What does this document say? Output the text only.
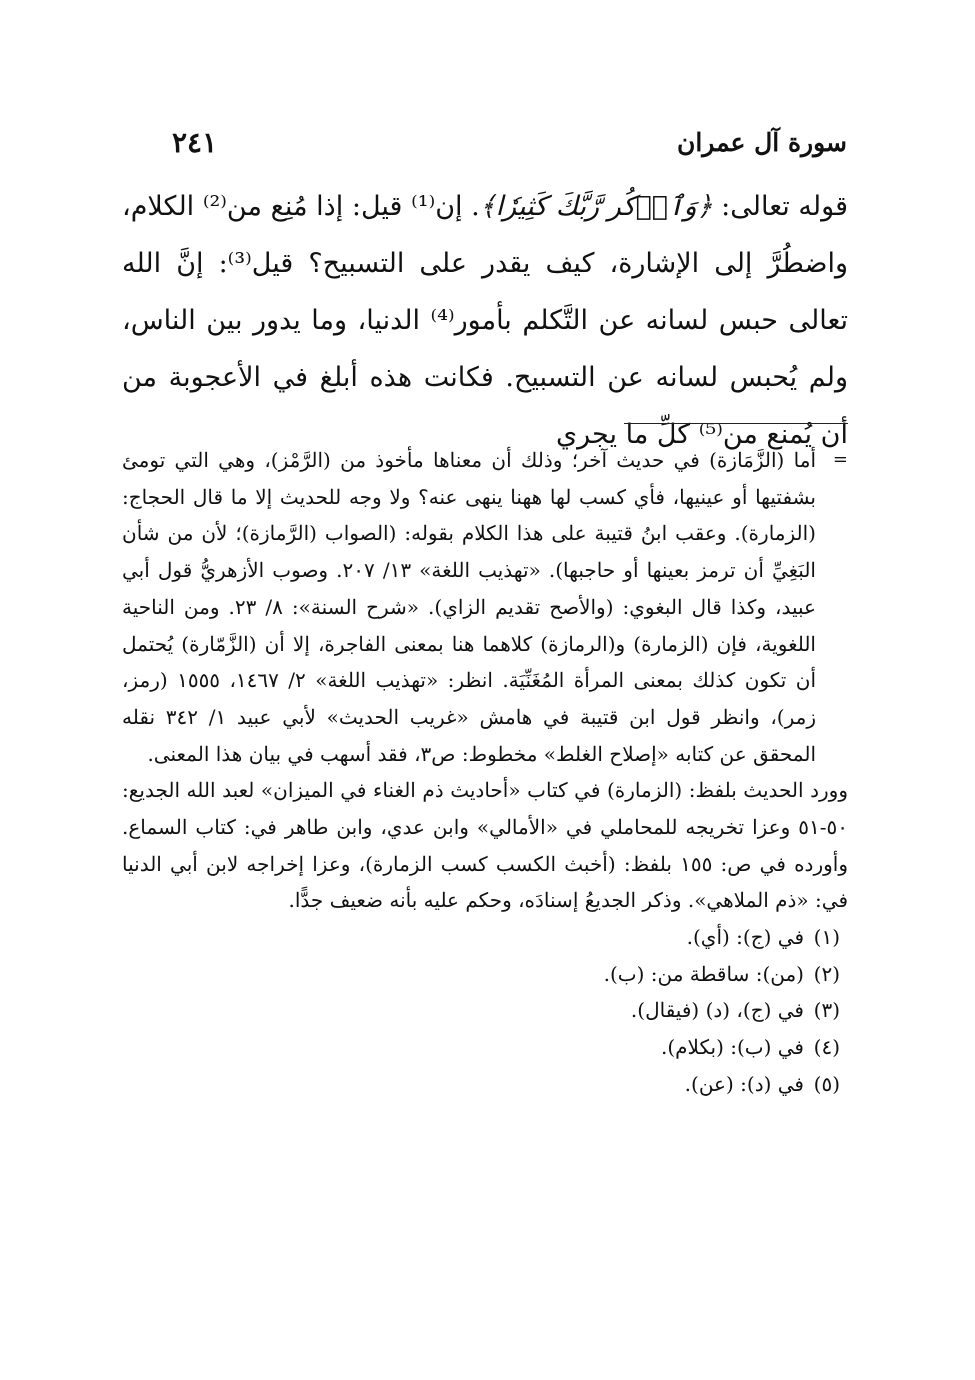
٢٤١	سورة آل عمران

قوله تعالى: ﴿وَٱذۡكُر رَّبَّكَ كَثِيرٗا﴾. إن⁽¹⁾ قيل: إذا مُنِع من⁽²⁾ الكلام، واضطُرَّ إلى الإشارة، كيف يقدر على التسبيح؟ قيل⁽³⁾: إنَّ الله تعالى حبس لسانه عن التَّكلم بأمور⁽⁴⁾ الدنيا، وما يدور بين الناس، ولم يُحبس لسانه عن التسبيح. فكانت هذه أبلغ في الأعجوبة من أن يُمنع من⁽⁵⁾ كلِّ ما يجري

=
أما (الزَّمَازة) في حديث آخر؛ وذلك أن معناها مأخوذ من (الرَّمْز)، وهي التي تومئ بشفتيها أو عينيها، فأي كسب لها ههنا ينهى عنه؟ ولا وجه للحديث إلا ما قال الحجاج: (الزمارة). وعقب ابنُ قتيبة على هذا الكلام بقوله: (الصواب (الرَّمازة)؛ لأن من شأن البَغِيِّ أن ترمز بعينها أو حاجبها). «تهذيب اللغة» ١٣/ ٢٠٧. وصوب الأزهريُّ قول أبي عبيد، وكذا قال البغوي: (والأصح تقديم الزاي). «شرح السنة»: ٨/ ٢٣. ومن الناحية اللغوية، فإن (الزمارة) و(الرمازة) كلاهما هنا بمعنى الفاجرة، إلا أن (الزَّمّارة) يُحتمل أن تكون كذلك بمعنى المرأة المُغَنِّيَة. انظر: «تهذيب اللغة» ٢/ ١٤٦٧، ١٥٥٥ (رمز، زمر)، وانظر قول ابن قتيبة في هامش «غريب الحديث» لأبي عبيد ١/ ٣٤٢ نقله المحقق عن كتابه «إصلاح الغلط» مخطوط: ص٣، فقد أسهب في بيان هذا المعنى.

وورد الحديث بلفظ: (الزمارة) في كتاب «أحاديث ذم الغناء في الميزان» لعبد الله الجديع: ٥٠-٥١ وعزا تخريجه للمحاملي في «الأمالي» وابن عدي، وابن طاهر في: كتاب السماع. وأورده في ص: ١٥٥ بلفظ: (أخبث الكسب كسب الزمارة)، وعزا إخراجه لابن أبي الدنيا في: «ذم الملاهي». وذكر الجديعُ إسنادَه، وحكم عليه بأنه ضعيف جدًّا.

(١)في (ج): (أي).
(٢)(من): ساقطة من: (ب).
(٣)في (ج)، (د) (فيقال).
(٤)في (ب): (بكلام).
(٥)في (د): (عن).
